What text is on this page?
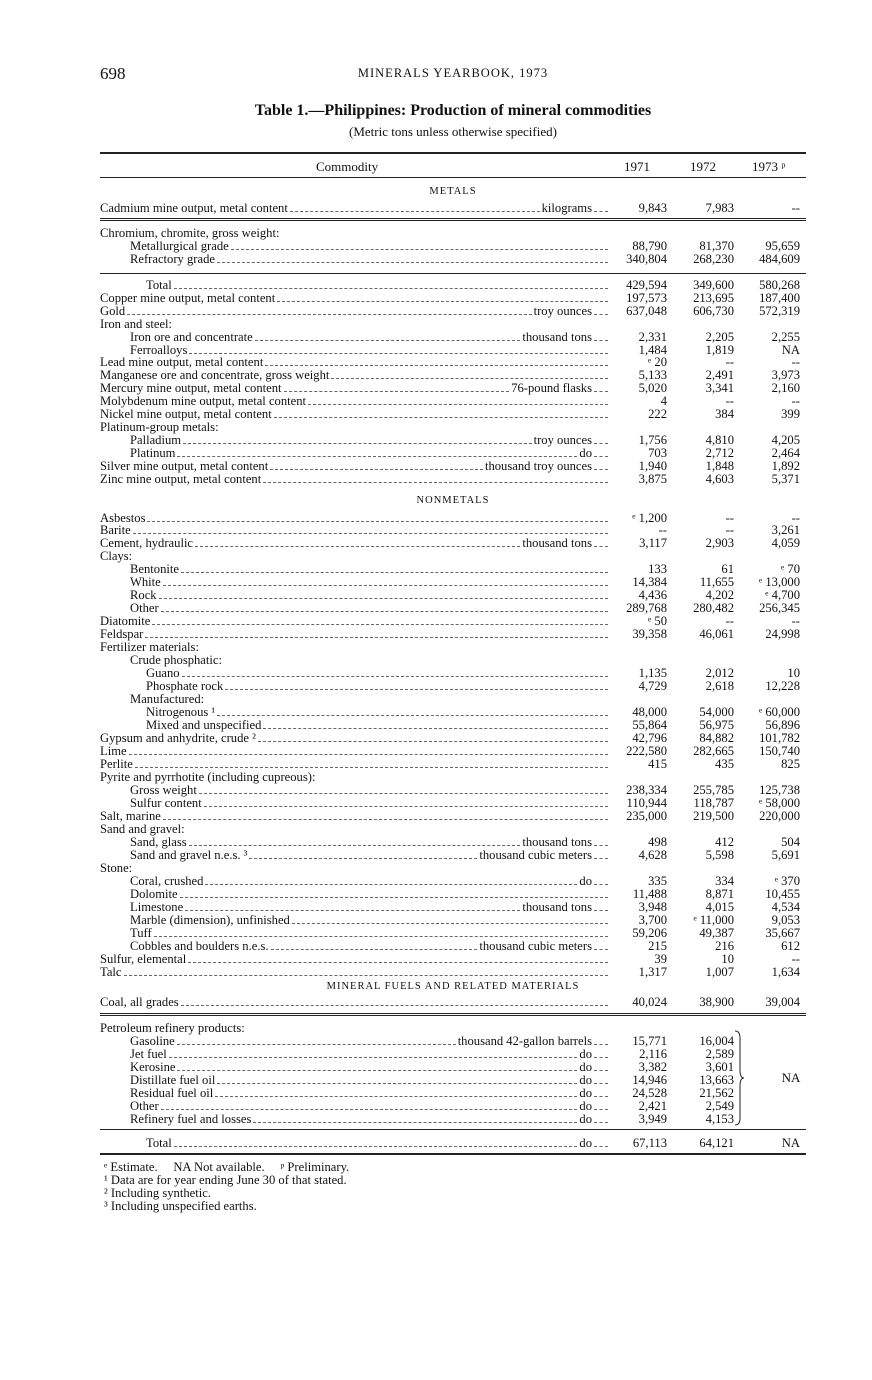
698	MINERALS YEARBOOK, 1973
Table 1.—Philippines: Production of mineral commodities
(Metric tons unless otherwise specified)
Commodity	1971	1972	1973 ᵖ
METALS
NONMETALS
MINERAL FUELS AND RELATED MATERIALS
Cadmium mine output, metal content	kilograms	9,843	7,983	--
Chromium, chromite, gross weight:
Metallurgical grade	88,790	81,370 95,659
Refractory grade	340,804 268,230 484,609
Total	429,594 349,600 580,268
Copper mine output, metal content	197,573 213,695 187,400
Gold	troy ounces	637,048 606,730 572,319
Iron and steel:
Iron ore and concentrate	thousand tons	2,331	2,205	2,255
Ferroalloys	1,484	1,819	NA
Lead mine output, metal content	ᵉ 20	--	--
Manganese ore and concentrate, gross weight	5,133	2,491	3,973
Mercury mine output, metal content	76-pound flasks	5,020	3,341	2,160
Molybdenum mine output, metal content	4	--	--
Nickel mine output, metal content	222	384	399
Platinum-group metals:
Palladium	troy ounces	1,756	4,810	4,205
Platinum	do	703	2,712	2,464
Silver mine output, metal content	thousand troy ounces	1,940	1,848	1,892
Zinc mine output, metal content	3,875	4,603	5,371
Asbestos	ᵉ 1,200	--	--
Barite	--	--	3,261
Cement, hydraulic	thousand tons	3,117	2,903	4,059
Clays:
Bentonite	133	61	ᵉ 70
White	14,384	11,655 ᵉ 13,000
Rock	4,436	4,202 ᵉ 4,700
Other	289,768 280,482 256,345
Diatomite	ᵉ 50	--	--
Feldspar	39,358	46,061 24,998
Fertilizer materials:
Crude phosphatic:
Guano	1,135	2,012	10
Phosphate rock	4,729	2,618 12,228
Manufactured:
Nitrogenous ¹	48,000	54,000 ᵉ 60,000
Mixed and unspecified	55,864	56,975 56,896
Gypsum and anhydrite, crude ²	42,796	84,882 101,782
Lime	222,580 282,665 150,740
Perlite	415	435	825
Pyrite and pyrrhotite (including cupreous):
Gross weight	238,334 255,785 125,738
Sulfur content	110,944 118,787 ᵉ 58,000
Salt, marine	235,000 219,500 220,000
Sand and gravel:
Sand, glass	thousand tons	498	412	504
Sand and gravel n.e.s. ³	thousand cubic meters	4,628	5,598	5,691
Stone:
Coral, crushed	do	335	334	ᵉ 370
Dolomite	11,488	8,871 10,455
Limestone	thousand tons	3,948	4,015	4,534
Marble (dimension), unfinished	3,700 ᵉ 11,000	9,053
Tuff	59,206	49,387 35,667
Cobbles and boulders n.e.s.	thousand cubic meters	215	216	612
Sulfur, elemental	39	10	--
Talc	1,317	1,007	1,634
Coal, all grades	40,024	38,900 39,004
Petroleum refinery products:
Gasoline	thousand 42-gallon barrels	15,771	16,004
Jet fuel	do	2,116	2,589
Kerosine	do	3,382	3,601
Distillate fuel oil	do	14,946	13,663
Residual fuel oil	do	24,528	21,562
Other	do	2,421	2,549
Refinery fuel and losses	do	3,949	4,153
Total	do	67,113	64,121	NA
NA
ᵉ Estimate.     NA Not available.     ᵖ Preliminary.
¹ Data are for year ending June 30 of that stated.
² Including synthetic.
³ Including unspecified earths.
